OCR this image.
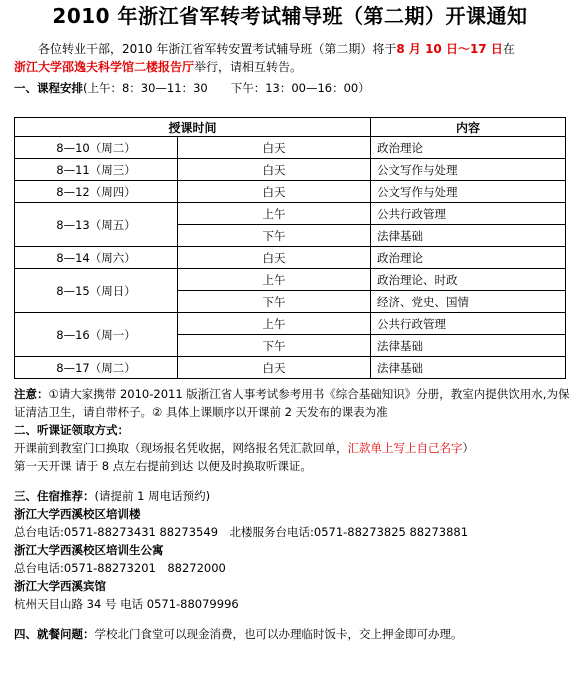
2010 年浙江省军转考试辅导班（第二期）开课通知
各位转业干部，2010 年浙江省军转安置考试辅导班（第二期）将于8 月 10 日～17 日在
浙江大学邵逸夫科学馆二楼报告厅举行，请相互转告。
一、课程安排(上午：8：30—11：30　　下午：13：00—16：00）
授课时间		内容
8—10（周二）	白天	政治理论
8—11（周三）	白天	公文写作与处理
8—12（周四）	白天	公文写作与处理
8—13（周五）	上午	公共行政管理
	下午	法律基础
8—14（周六）	白天	政治理论
8—15（周日）	上午	政治理论、时政
	下午	经济、党史、国情
8—16（周一）	上午	公共行政管理
	下午	法律基础
8—17（周二）	白天	法律基础

注意：①请大家携带 2010-2011 版浙江省人事考试参考用书《综合基础知识》分册，教室内提供饮用水,为保证清洁卫生，请自带杯子。② 具体上课顺序以开课前 2 天发布的课表为准

二、听课证领取方式：

开课前到教室门口换取（现场报名凭收据，网络报名凭汇款回单，汇款单上写上自己名字）

第一天开课 请于 8 点左右提前到达 以便及时换取听课证。

三、住宿推荐：(请提前 1 周电话预约)

浙江大学西溪校区培训楼

总台电话:0571-88273431 88273549　北楼服务台电话:0571-88273825 88273881

浙江大学西溪校区培训生公寓

总台电话:0571-88273201　88272000

浙江大学西溪宾馆

杭州天目山路 34 号 电话 0571-88079996

四、就餐问题：学校北门食堂可以现金消费，也可以办理临时饭卡，交上押金即可办理。
